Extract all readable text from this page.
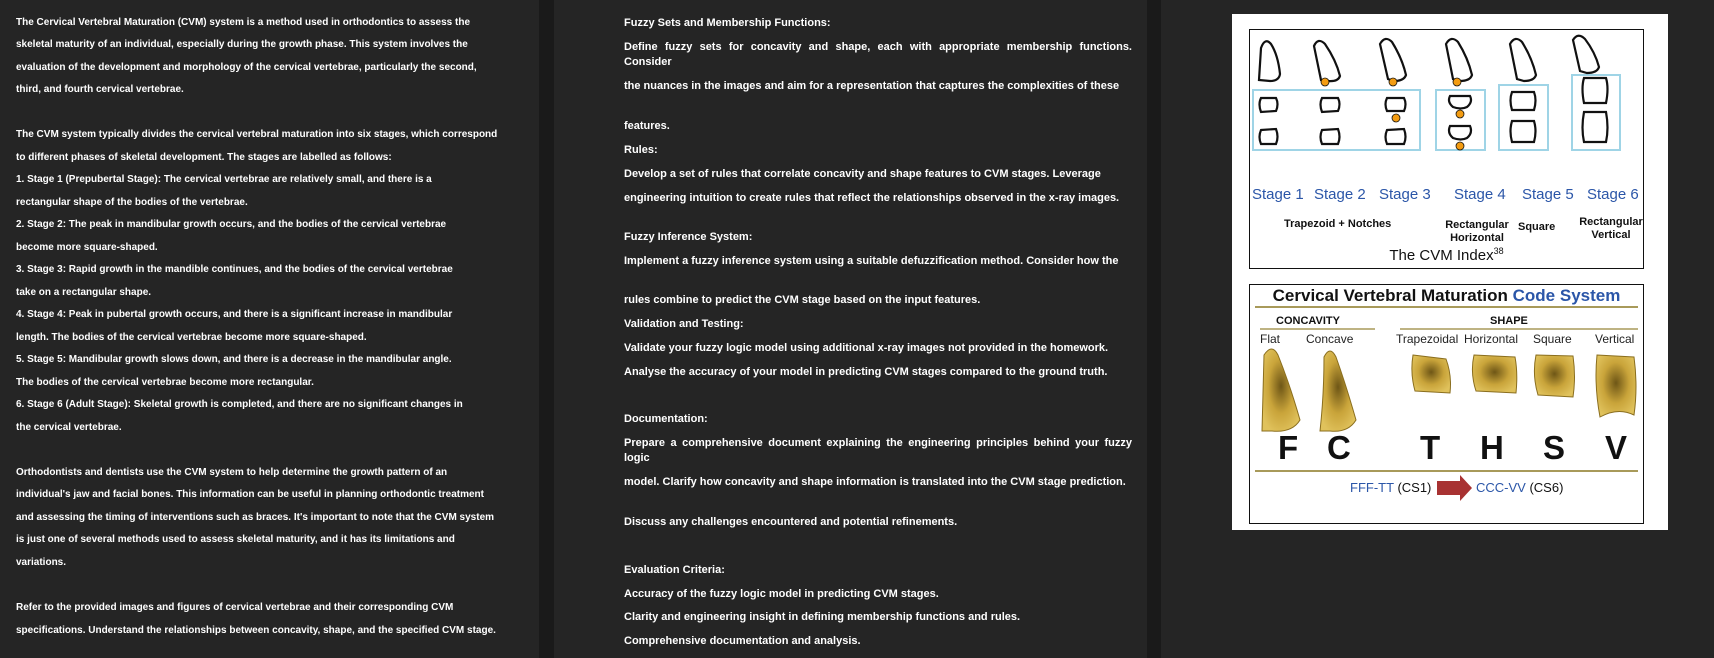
The Cervical Vertebral Maturation (CVM) system is a method used in orthodontics to assess the

skeletal maturity of an individual, especially during the growth phase. This system involves the

evaluation of the development and morphology of the cervical vertebrae, particularly the second,

third, and fourth cervical vertebrae.

The CVM system typically divides the cervical vertebral maturation into six stages, which correspond

to different phases of skeletal development. The stages are labelled as follows:

1. Stage 1 (Prepubertal Stage): The cervical vertebrae are relatively small, and there is a

rectangular shape of the bodies of the vertebrae.

2. Stage 2: The peak in mandibular growth occurs, and the bodies of the cervical vertebrae

become more square-shaped.

3. Stage 3: Rapid growth in the mandible continues, and the bodies of the cervical vertebrae

take on a rectangular shape.

4. Stage 4: Peak in pubertal growth occurs, and there is a significant increase in mandibular

length. The bodies of the cervical vertebrae become more square-shaped.

5. Stage 5: Mandibular growth slows down, and there is a decrease in the mandibular angle.

The bodies of the cervical vertebrae become more rectangular.

6. Stage 6 (Adult Stage): Skeletal growth is completed, and there are no significant changes in

the cervical vertebrae.

Orthodontists and dentists use the CVM system to help determine the growth pattern of an

individual's jaw and facial bones. This information can be useful in planning orthodontic treatment

and assessing the timing of interventions such as braces. It's important to note that the CVM system

is just one of several methods used to assess skeletal maturity, and it has its limitations and

variations.

Refer to the provided images and figures of cervical vertebrae and their corresponding CVM

specifications. Understand the relationships between concavity, shape, and the specified CVM stage.

Fuzzy Sets and Membership Functions:

Define fuzzy sets for concavity and shape, each with appropriate membership functions. Consider

the nuances in the images and aim for a representation that captures the complexities of these

features.

Rules:

Develop a set of rules that correlate concavity and shape features to CVM stages. Leverage

engineering intuition to create rules that reflect the relationships observed in the x-ray images.

Fuzzy Inference System:

Implement a fuzzy inference system using a suitable defuzzification method. Consider how the

rules combine to predict the CVM stage based on the input features.

Validation and Testing:

Validate your fuzzy logic model using additional x-ray images not provided in the homework.

Analyse the accuracy of your model in predicting CVM stages compared to the ground truth.

Documentation:

Prepare a comprehensive document explaining the engineering principles behind your fuzzy logic

model. Clarify how concavity and shape information is translated into the CVM stage prediction.

Discuss any challenges encountered and potential refinements.

Evaluation Criteria:

Accuracy of the fuzzy logic model in predicting CVM stages.

Clarity and engineering insight in defining membership functions and rules.

Comprehensive documentation and analysis.

Stage 1 Stage 2 Stage 3 Stage 4 Stage 5 Stage 6
Trapezoid + Notches	Rectangular
Horizontal
Square Rectangular
Vertical
The CVM Index$^{38}$
Cervical Vertebral Maturation Code System
CONCAVITY	SHAPE
Flat Concave	Trapezoidal Horizontal Square Vertical
F C T H S V
FFF-TT (CS1)	CCC-VV (CS6)
